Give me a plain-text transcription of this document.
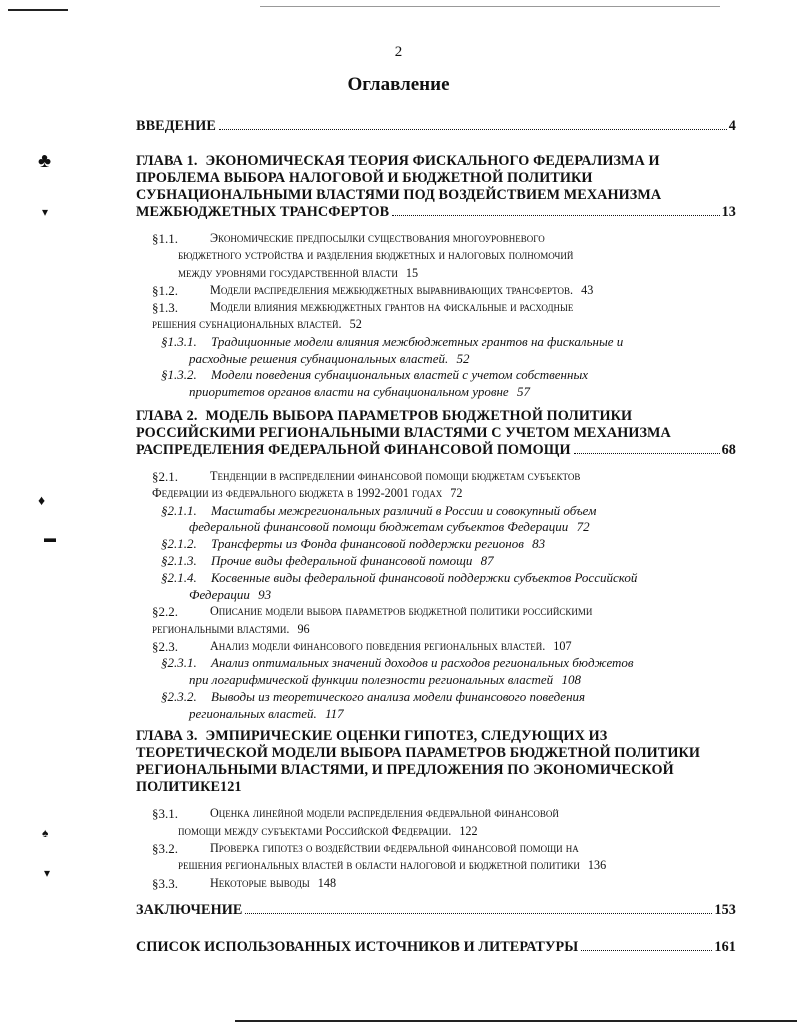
♣
▾
♦
▬
♠
▾
2
Оглавление
ВВЕДЕНИЕ	4
ГЛАВА 1. ЭКОНОМИЧЕСКАЯ ТЕОРИЯ ФИСКАЛЬНОГО ФЕДЕРАЛИЗМА И
ПРОБЛЕМА ВЫБОРА НАЛОГОВОЙ И БЮДЖЕТНОЙ ПОЛИТИКИ
СУБНАЦИОНАЛЬНЫМИ ВЛАСТЯМИ ПОД ВОЗДЕЙСТВИЕМ МЕХАНИЗМА
МЕЖБЮДЖЕТНЫХ ТРАНСФЕРТОВ	13
§1.1.	Экономические предпосылки существования многоуровневого
бюджетного устройства и разделения бюджетных и налоговых полномочий
между уровнями государственной власти 15
§1.2.	Модели распределения межбюджетных выравнивающих трансфертов. 43
§1.3.	Модели влияния межбюджетных грантов на фискальные и расходные
решения субнациональных властей. 52
§1.3.1.	Традиционные модели влияния межбюджетных грантов на фискальные и
расходные решения субнациональных властей. 52
§1.3.2.	Модели поведения субнациональных властей с учетом собственных
приоритетов органов власти на субнациональном уровне 57
ГЛАВА 2. МОДЕЛЬ ВЫБОРА ПАРАМЕТРОВ БЮДЖЕТНОЙ ПОЛИТИКИ
РОССИЙСКИМИ РЕГИОНАЛЬНЫМИ ВЛАСТЯМИ С УЧЕТОМ МЕХАНИЗМА
РАСПРЕДЕЛЕНИЯ ФЕДЕРАЛЬНОЙ ФИНАНСОВОЙ ПОМОЩИ	68
§2.1.	Тенденции в распределении финансовой помощи бюджетам субъектов
Федерации из федерального бюджета в 1992-2001 годах 72
§2.1.1.	Масштабы межрегиональных различий в России и совокупный объем
федеральной финансовой помощи бюджетам субъектов Федерации 72
§2.1.2.	Трансферты из Фонда финансовой поддержки регионов 83
§2.1.3.	Прочие виды федеральной финансовой помощи 87
§2.1.4.	Косвенные виды федеральной финансовой поддержки субъектов Российской
Федерации 93
§2.2.	Описание модели выбора параметров бюджетной политики российскими
региональными властями. 96
§2.3.	Анализ модели финансового поведения региональных властей. 107
§2.3.1.	Анализ оптимальных значений доходов и расходов региональных бюджетов
при логарифмической функции полезности региональных властей 108
§2.3.2.	Выводы из теоретического анализа модели финансового поведения
региональных властей. 117
ГЛАВА 3. ЭМПИРИЧЕСКИЕ ОЦЕНКИ ГИПОТЕЗ, СЛЕДУЮЩИХ ИЗ
ТЕОРЕТИЧЕСКОЙ МОДЕЛИ ВЫБОРА ПАРАМЕТРОВ БЮДЖЕТНОЙ ПОЛИТИКИ
РЕГИОНАЛЬНЫМИ ВЛАСТЯМИ, И ПРЕДЛОЖЕНИЯ ПО ЭКОНОМИЧЕСКОЙ
ПОЛИТИКЕ121
§3.1.	Оценка линейной модели распределения федеральной финансовой
помощи между субъектами Российской Федерации. 122
§3.2.	Проверка гипотез о воздействии федеральной финансовой помощи на
решения региональных властей в области налоговой и бюджетной политики 136
§3.3.	Некоторые выводы 148
ЗАКЛЮЧЕНИЕ	153
СПИСОК ИСПОЛЬЗОВАННЫХ ИСТОЧНИКОВ И ЛИТЕРАТУРЫ	161
